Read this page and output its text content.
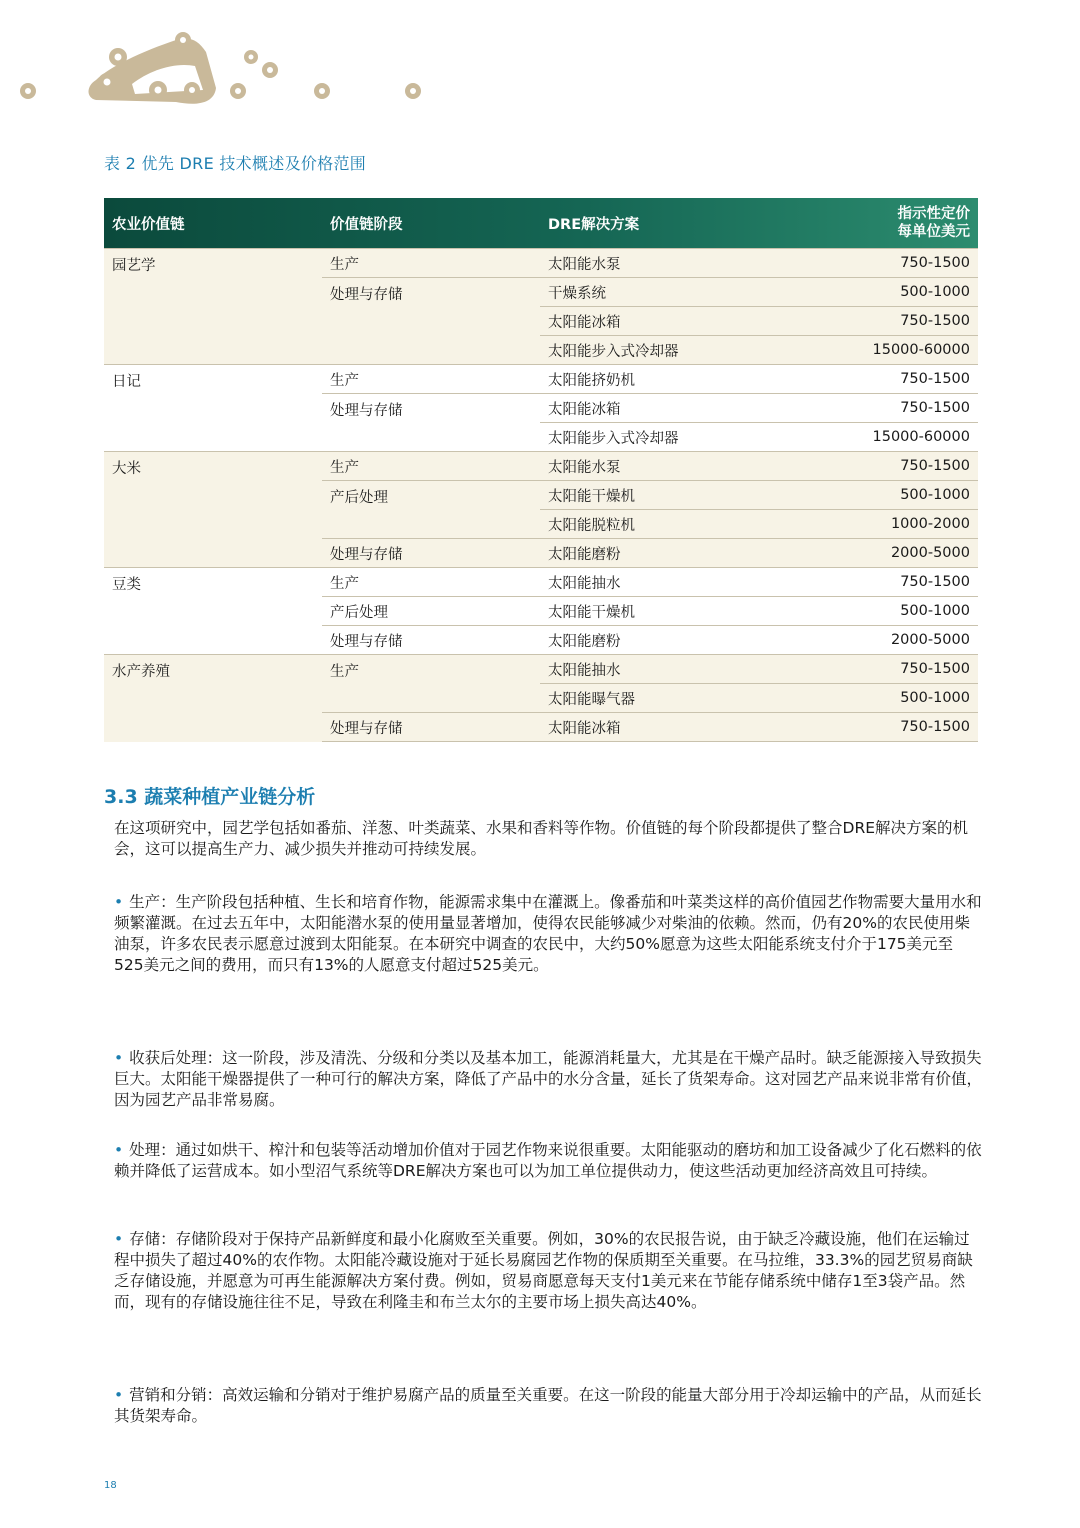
表 2 优先 DRE 技术概述及价格范围
农业价值链	价值链阶段	DRE解决方案	指示性定价
每单位美元

园艺学	生产	太阳能水泵	750-1500
	处理与存储	干燥系统	500-1000
		太阳能冰箱	750-1500
		太阳能步入式冷却器	15000-60000
日记	生产	太阳能挤奶机	750-1500
	处理与存储	太阳能冰箱	750-1500
		太阳能步入式冷却器	15000-60000
大米	生产	太阳能水泵	750-1500
	产后处理	太阳能干燥机	500-1000
		太阳能脱粒机	1000-2000
	处理与存储	太阳能磨粉	2000-5000
豆类	生产	太阳能抽水	750-1500
	产后处理	太阳能干燥机	500-1000
	处理与存储	太阳能磨粉	2000-5000
水产养殖	生产	太阳能抽水	750-1500
		太阳能曝气器	500-1000
	处理与存储	太阳能冰箱	750-1500
3.3 蔬菜种植产业链分析

在这项研究中，园艺学包括如番茄、洋葱、叶类蔬菜、水果和香料等作物。价值链的每个阶段都提供了整合DRE解决方案的机会，这可以提高生产力、减少损失并推动可持续发展。

• 生产：生产阶段包括种植、生长和培育作物，能源需求集中在灌溉上。像番茄和叶菜类这样的高价值园艺作物需要大量用水和频繁灌溉。在过去五年中，太阳能潜水泵的使用量显著增加，使得农民能够减少对柴油的依赖。然而，仍有20%的农民使用柴油泵，许多农民表示愿意过渡到太阳能泵。在本研究中调查的农民中，大约50%愿意为这些太阳能系统支付介于175美元至525美元之间的费用，而只有13%的人愿意支付超过525美元。

• 收获后处理：这一阶段，涉及清洗、分级和分类以及基本加工，能源消耗量大，尤其是在干燥产品时。缺乏能源接入导致损失巨大。太阳能干燥器提供了一种可行的解决方案，降低了产品中的水分含量，延长了货架寿命。这对园艺产品来说非常有价值，因为园艺产品非常易腐。

• 处理：通过如烘干、榨汁和包装等活动增加价值对于园艺作物来说很重要。太阳能驱动的磨坊和加工设备减少了化石燃料的依赖并降低了运营成本。如小型沼气系统等DRE解决方案也可以为加工单位提供动力，使这些活动更加经济高效且可持续。

• 存储：存储阶段对于保持产品新鲜度和最小化腐败至关重要。例如，30%的农民报告说，由于缺乏冷藏设施，他们在运输过程中损失了超过40%的农作物。太阳能冷藏设施对于延长易腐园艺作物的保质期至关重要。在马拉维，33.3%的园艺贸易商缺乏存储设施，并愿意为可再生能源解决方案付费。例如，贸易商愿意每天支付1美元来在节能存储系统中储存1至3袋产品。然而，现有的存储设施往往不足，导致在利隆圭和布兰太尔的主要市场上损失高达40%。

• 营销和分销：高效运输和分销对于维护易腐产品的质量至关重要。在这一阶段的能量大部分用于冷却运输中的产品，从而延长其货架寿命。

18
